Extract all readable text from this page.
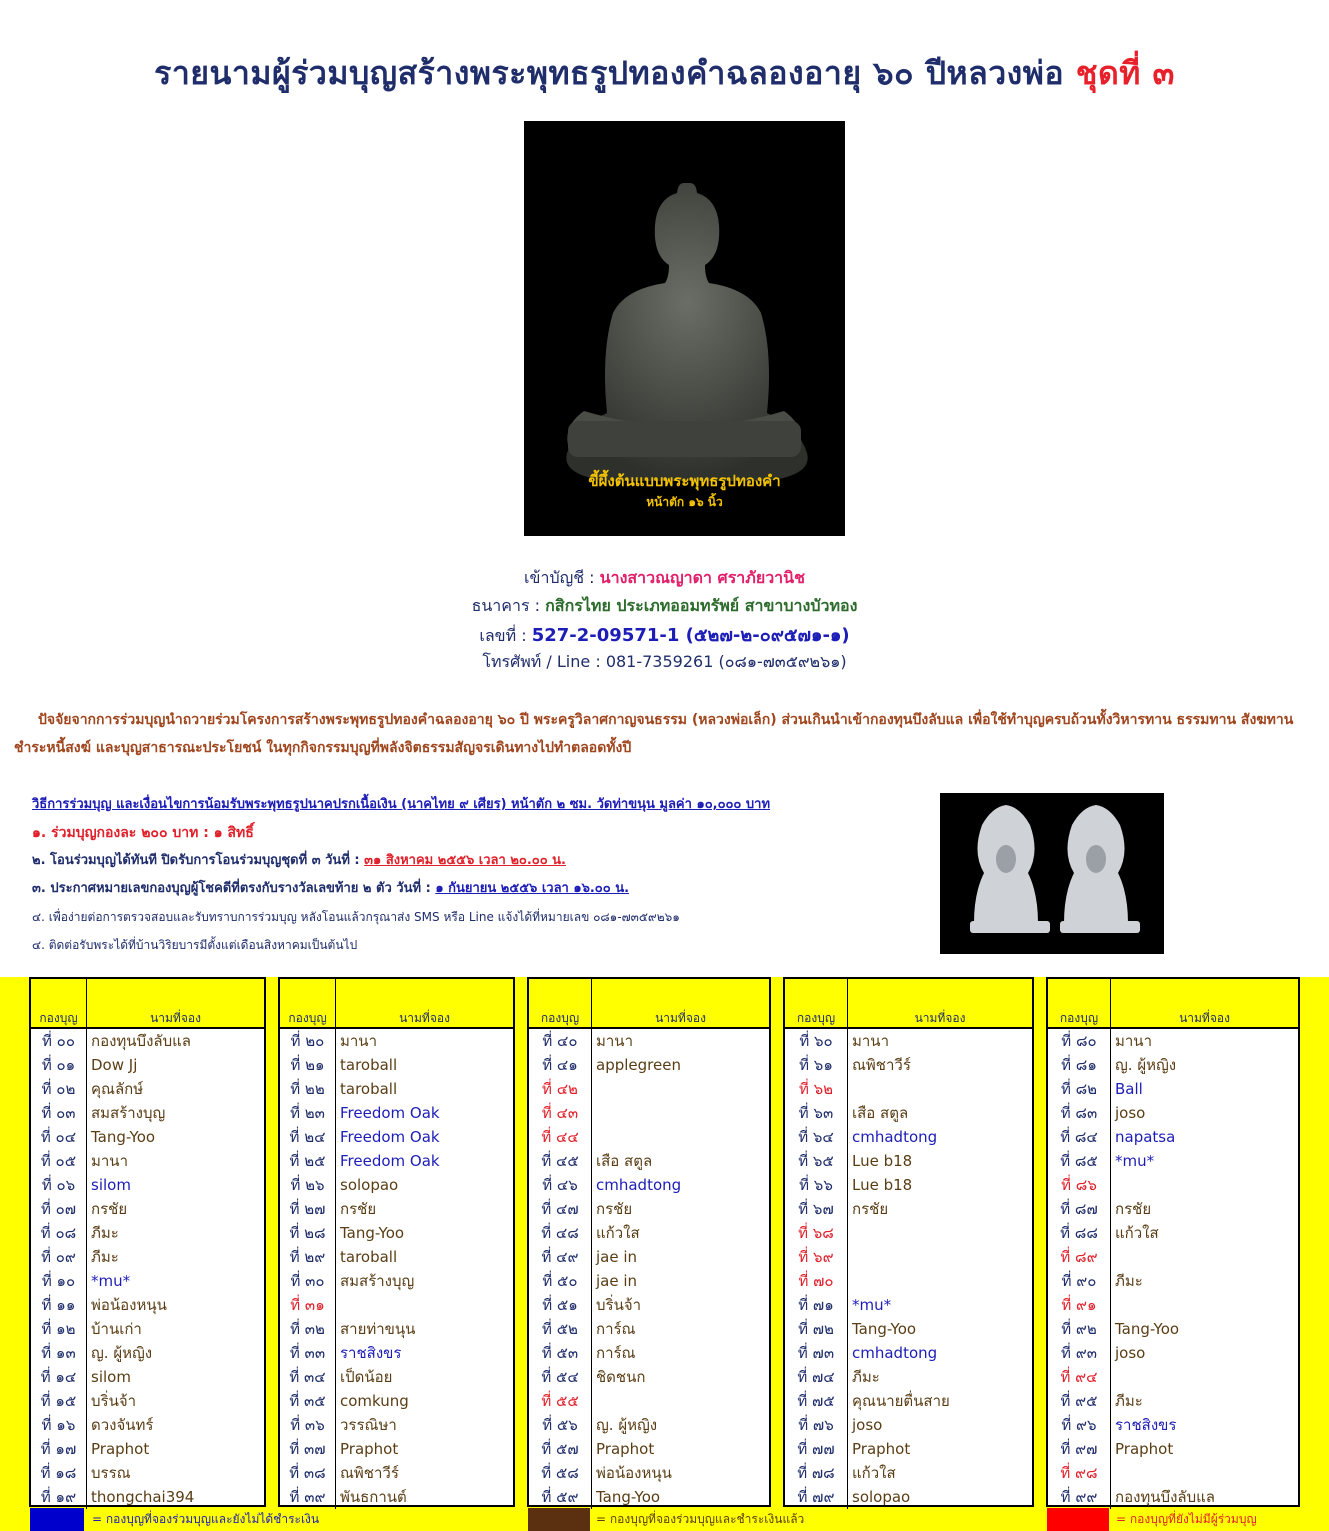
รายนามผู้ร่วมบุญสร้างพระพุทธรูปทองคำฉลองอายุ ๖๐ ปีหลวงพ่อ ชุดที่ ๓
ขี้ผึ้งต้นแบบพระพุทธรูปทองคำ
หน้าตัก ๑๖ นิ้ว
เข้าบัญชี : นางสาวณญาดา ศราภัยวานิช
ธนาคาร : กสิกรไทย ประเภทออมทรัพย์ สาขาบางบัวทอง
เลขที่ : 527-2-09571-1 (๕๒๗-๒-๐๙๕๗๑-๑)
โทรศัพท์ / Line : 081-7359261 (๐๘๑-๗๓๕๙๒๖๑)
ปัจจัยจากการร่วมบุญนำถวายร่วมโครงการสร้างพระพุทธรูปทองคำฉลองอายุ ๖๐ ปี พระครูวิลาศกาญจนธรรม (หลวงพ่อเล็ก) ส่วนเกินนำเข้ากองทุนบึงลับแล เพื่อใช้ทำบุญครบถ้วนทั้งวิหารทาน ธรรมทาน สังฆทาน ชำระหนี้สงฆ์ และบุญสาธารณะประโยชน์ ในทุกกิจกรรมบุญที่พลังจิตธรรมสัญจรเดินทางไปทำตลอดทั้งปี
วิธีการร่วมบุญ และเงื่อนไขการน้อมรับพระพุทธรูปนาคปรกเนื้อเงิน (นาคไทย ๙ เศียร) หน้าตัก ๒ ซม. วัดท่าขนุน มูลค่า ๑๐,๐๐๐ บาท
๑. ร่วมบุญกองละ ๒๐๐ บาท : ๑ สิทธิ์
๒. โอนร่วมบุญได้ทันที ปิดรับการโอนร่วมบุญชุดที่ ๓ วันที่ : ๓๑ สิงหาคม ๒๕๕๖ เวลา ๒๐.๐๐ น.
๓. ประกาศหมายเลขกองบุญผู้โชคดีที่ตรงกับรางวัลเลขท้าย ๒ ตัว วันที่ : ๑ กันยายน ๒๕๕๖ เวลา ๑๖.๐๐ น.
๔. เพื่อง่ายต่อการตรวจสอบและรับทราบการร่วมบุญ หลังโอนแล้วกรุณาส่ง SMS หรือ Line แจ้งได้ที่หมายเลข ๐๘๑-๗๓๕๙๒๖๑
๔. ติดต่อรับพระได้ที่บ้านวิริยบารมีตั้งแต่เดือนสิงหาคมเป็นต้นไป
กองบุญ	นามที่จอง
ที่ ๐๐	กองทุนบึงลับแล
ที่ ๐๑	Dow Jj
ที่ ๐๒	คุณลักษ์
ที่ ๐๓	สมสร้างบุญ
ที่ ๐๔ Tang-Yoo
ที่ ๐๕ มานา
ที่ ๐๖	silom
ที่ ๐๗ กรชัย
ที่ ๐๘ ภีมะ
ที่ ๐๙	ภีมะ
ที่ ๑๐	*mu*
ที่ ๑๑	พ่อน้องหนุน
ที่ ๑๒	บ้านเก่า
ที่ ๑๓	ญ. ผู้หญิง
ที่ ๑๔ silom
ที่ ๑๕ บริ่นจ้า
ที่ ๑๖	ดวงจันทร์
ที่ ๑๗ Praphot
ที่ ๑๘ บรรณ
ที่ ๑๙ thongchai394
กองบุญ	นามที่จอง
ที่ ๒๐	มานา
ที่ ๒๑	taroball
ที่ ๒๒	taroball
ที่ ๒๓	Freedom Oak
ที่ ๒๔ Freedom Oak
ที่ ๒๕ Freedom Oak
ที่ ๒๖	solopao
ที่ ๒๗ กรชัย
ที่ ๒๘ Tang-Yoo
ที่ ๒๙ taroball
ที่ ๓๐	สมสร้างบุญ
ที่ ๓๑
ที่ ๓๒	สายท่าขนุน
ที่ ๓๓ ราชสิงขร
ที่ ๓๔ เป็ดน้อย
ที่ ๓๕ comkung
ที่ ๓๖	วรรณิษา
ที่ ๓๗ Praphot
ที่ ๓๘ ณพิชาวีร์
ที่ ๓๙ พันธกานต์
กองบุญ	นามที่จอง
ที่ ๔๐	มานา
ที่ ๔๑	applegreen
ที่ ๔๒
ที่ ๔๓
ที่ ๔๔
ที่ ๔๕	เสือ สตูล
ที่ ๔๖	cmhadtong
ที่ ๔๗	กรชัย
ที่ ๔๘	แก้วใส
ที่ ๔๙	jae in
ที่ ๕๐	jae in
ที่ ๕๑	บริ่นจ้า
ที่ ๕๒	การ์ณ
ที่ ๕๓	การ์ณ
ที่ ๕๔	ชิดชนก
ที่ ๕๕
ที่ ๕๖	ญ. ผู้หญิง
ที่ ๕๗	Praphot
ที่ ๕๘	พ่อน้องหนุน
ที่ ๕๙	Tang-Yoo
กองบุญ	นามที่จอง
ที่ ๖๐	มานา
ที่ ๖๑	ณพิชาวีร์
ที่ ๖๒
ที่ ๖๓	เสือ สตูล
ที่ ๖๔	cmhadtong
ที่ ๖๕	Lue b18
ที่ ๖๖	Lue b18
ที่ ๖๗	กรชัย
ที่ ๖๘
ที่ ๖๙
ที่ ๗๐
ที่ ๗๑	*mu*
ที่ ๗๒	Tang-Yoo
ที่ ๗๓	cmhadtong
ที่ ๗๔	ภีมะ
ที่ ๗๕	คุณนายตื่นสาย
ที่ ๗๖	joso
ที่ ๗๗	Praphot
ที่ ๗๘	แก้วใส
ที่ ๗๙	solopao
กองบุญ	นามที่จอง
ที่ ๘๐	มานา
ที่ ๘๑	ญ. ผู้หญิง
ที่ ๘๒	Ball
ที่ ๘๓	joso
ที่ ๘๔	napatsa
ที่ ๘๕	*mu*
ที่ ๘๖
ที่ ๘๗	กรชัย
ที่ ๘๘	แก้วใส
ที่ ๘๙
ที่ ๙๐	ภีมะ
ที่ ๙๑
ที่ ๙๒	Tang-Yoo
ที่ ๙๓	joso
ที่ ๙๔
ที่ ๙๕	ภีมะ
ที่ ๙๖	ราชสิงขร
ที่ ๙๗	Praphot
ที่ ๙๘
ที่ ๙๙	กองทุนบึงลับแล
= กองบุญที่จองร่วมบุญและยังไม่ได้ชำระเงิน	= กองบุญที่จองร่วมบุญและชำระเงินแล้ว	= กองบุญที่ยังไม่มีผู้ร่วมบุญ
